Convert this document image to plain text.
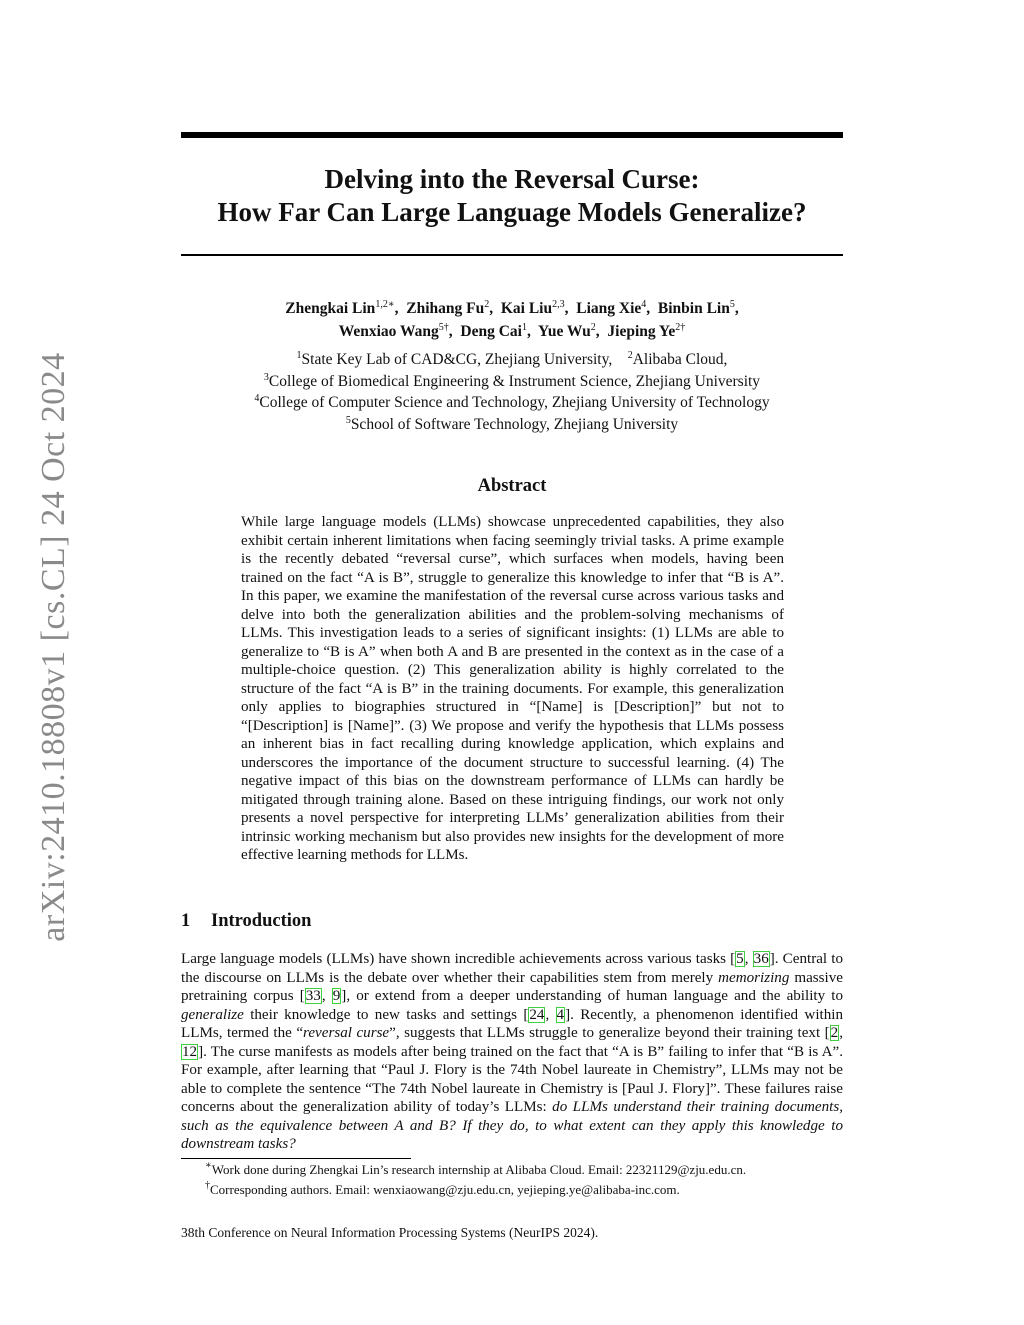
arXiv:2410.18808v1 [cs.CL] 24 Oct 2024
Delving into the Reversal Curse:
How Far Can Large Language Models Generalize?
Zhengkai Lin$^{1,2∗}$,  Zhihang Fu$^2$,  Kai Liu$^{2,3}$,  Liang Xie$^4$,  Binbin Lin$^5$,
Wenxiao Wang$^{5\dagger}$,  Deng Cai$^1$,  Yue Wu$^2$,  Jieping $Ye^{2\dagger}$
$^1$State Key Lab of CAD&CG, Zhejiang University, $^2$Alibaba Cloud,
$^3$College of Biomedical Engineering & Instrument Science, Zhejiang University
$^4$College of Computer Science and Technology, Zhejiang University of Technology
$^5$School of Software Technology, Zhejiang University
Abstract
While large language models (LLMs) showcase unprecedented capabilities, they also exhibit certain inherent limitations when facing seemingly trivial tasks. A prime example is the recently debated “reversal curse”, which surfaces when models, having been trained on the fact “A is B”, struggle to generalize this knowledge to infer that “B is A”. In this paper, we examine the manifestation of the reversal curse across various tasks and delve into both the generalization abilities and the problem-solving mechanisms of LLMs. This investigation leads to a series of significant insights: (1) LLMs are able to generalize to “B is A” when both A and B are presented in the context as in the case of a multiple-choice question. (2) This generalization ability is highly correlated to the structure of the fact “A is B” in the training documents. For example, this generalization only applies to biographies structured in “[Name] is [Description]” but not to “[Description] is [Name]”. (3) We propose and verify the hypothesis that LLMs possess an inherent bias in fact recalling during knowledge application, which explains and underscores the importance of the document structure to successful learning. (4) The negative impact of this bias on the downstream performance of LLMs can hardly be mitigated through training alone. Based on these intriguing findings, our work not only presents a novel perspective for interpreting LLMs’ generalization abilities from their intrinsic working mechanism but also provides new insights for the development of more effective learning methods for LLMs.
1 Introduction
Large language models (LLMs) have shown incredible achievements across various tasks [5, 36]. Central to the discourse on LLMs is the debate over whether their capabilities stem from merely memorizing massive pretraining corpus [33, 9], or extend from a deeper understanding of human language and the ability to generalize their knowledge to new tasks and settings [24, 4]. Recently, a phenomenon identified within LLMs, termed the “reversal curse”, suggests that LLMs struggle to generalize beyond their training text [2, 12]. The curse manifests as models after being trained on the fact that “A is B” failing to infer that “B is A”. For example, after learning that “Paul J. Flory is the 74th Nobel laureate in Chemistry”, LLMs may not be able to complete the sentence “The 74th Nobel laureate in Chemistry is [Paul J. Flory]”. These failures raise concerns about the generalization ability of today’s LLMs: do LLMs understand their training documents, such as the equivalence between A and B? If they do, to what extent can they apply this knowledge to downstream tasks?
∗Work done during Zhengkai Lin’s research internship at Alibaba Cloud. Email: 22321129@zju.edu.cn.
†Corresponding authors. Email: wenxiaowang@zju.edu.cn, yejieping.ye@alibaba-inc.com.
38th Conference on Neural Information Processing Systems (NeurIPS 2024).
